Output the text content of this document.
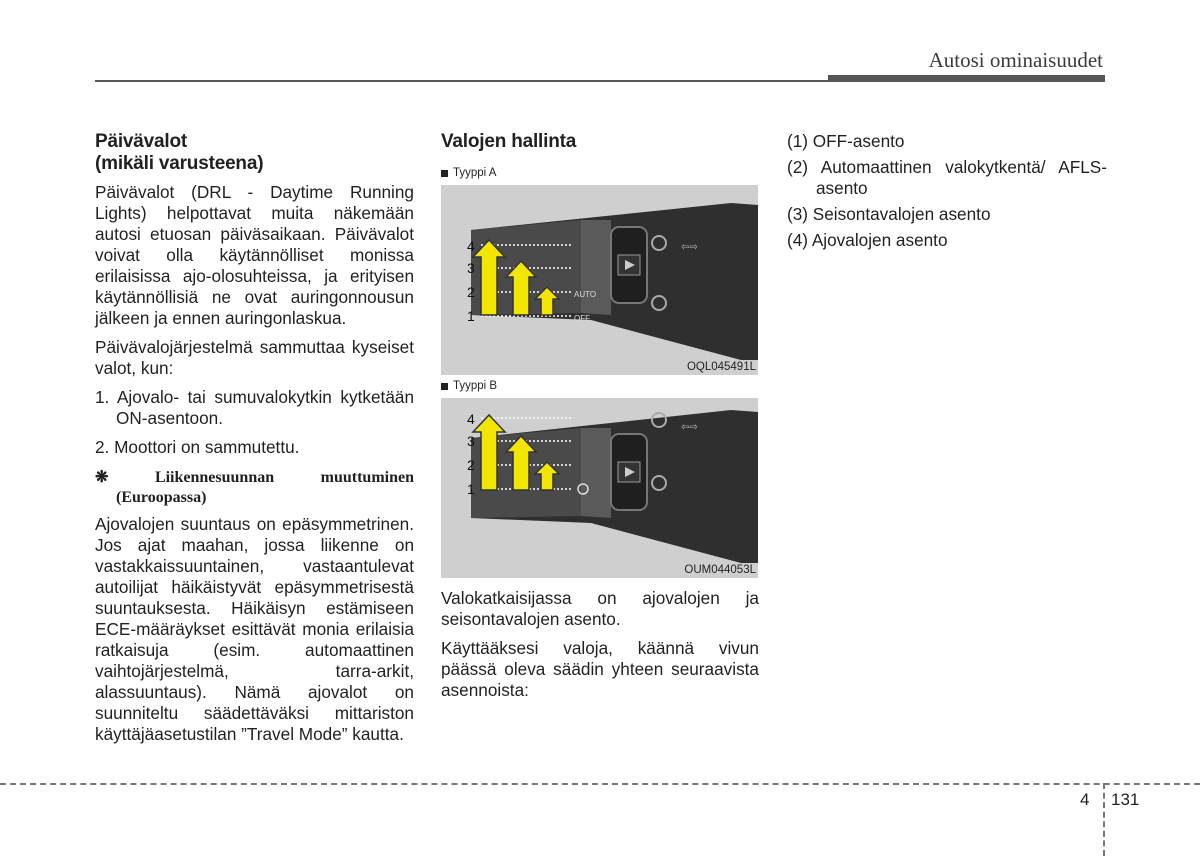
Autosi ominaisuudet
Päivävalot
(mikäli varusteena)

Päivävalot (DRL - Daytime Running Lights) helpottavat muita näkemään autosi etuosan päiväsaikaan. Päivävalot voivat olla käytännölliset monissa erilaisissa ajo-olosuhteissa, ja erityisen käytännöllisiä ne ovat auringonnousun jälkeen ja ennen auringonlaskua.

Päivävalojärjestelmä sammuttaa kyseiset valot, kun:

1. Ajovalo- tai sumuvalokytkin kytketään ON-asentoon.

2. Moottori on sammutettu.

❋ Liikennesuunnan muuttuminen (Euroopassa)

Ajovalojen suuntaus on epäsymmetrinen. Jos ajat maahan, jossa liikenne on vastakkaissuuntainen, vastaantulevat autoilijat häikäistyvät epäsymmetrisestä suuntauksesta. Häikäisyn estämiseen ECE-määräykset esittävät monia erilaisia ratkaisuja (esim. automaattinen vaihtojärjestelmä, tarra-arkit, alassuuntaus). Nämä ajovalot on suunniteltu säädettäväksi mittariston käyttäjäasetustilan ”Travel Mode” kautta.

Valojen hallinta
Tyyppi A
⇦⇨
4
3
2
1
AUTO
OFF
OQL045491L
Tyyppi B
⇦⇨
4
3
2
1
OUM044053L

Valokatkaisijassa on ajovalojen ja seisontavalojen asento.

Käyttääksesi valoja, käännä vivun päässä oleva säädin yhteen seuraavista asennoista:

(1) OFF-asento

(2) Automaattinen valokytkentä/ AFLS-asento

(3) Seisontavalojen asento

(4) Ajovalojen asento

4 131
